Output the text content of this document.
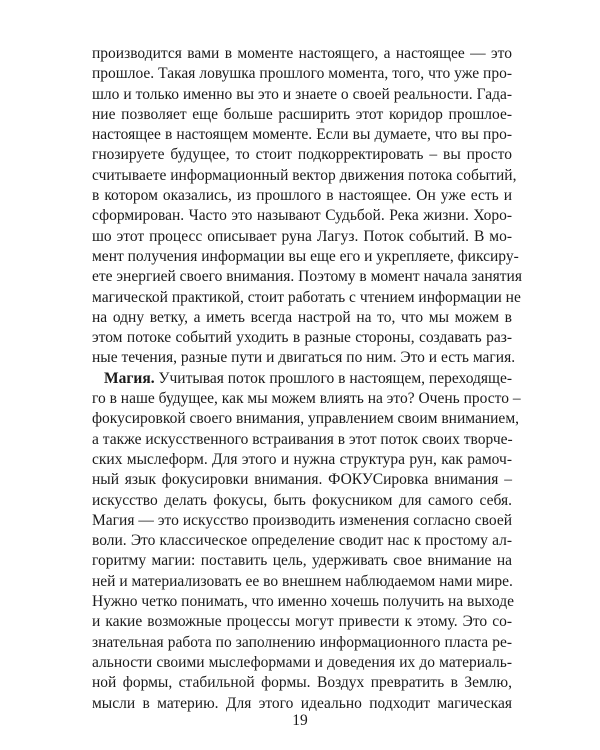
производится вами в моменте настоящего, а настоящее — это
прошлое. Такая ловушка прошлого момента, того, что уже про-
шло и только именно вы это и знаете о своей реальности. Гада-
ние позволяет еще больше расширить этот коридор прошлое-
настоящее в настоящем моменте. Если вы думаете, что вы про-
гнозируете будущее, то стоит подкорректировать – вы просто
считываете информационный вектор движения потока событий,
в котором оказались, из прошлого в настоящее. Он уже есть и
сформирован. Часто это называют Судьбой. Река жизни. Хоро-
шо этот процесс описывает руна Лагуз. Поток событий. В мо-
мент получения информации вы еще его и укрепляете, фиксиру-
ете энергией своего внимания. Поэтому в момент начала занятия
магической практикой, стоит работать с чтением информации не
на одну ветку, а иметь всегда настрой на то, что мы можем в
этом потоке событий уходить в разные стороны, создавать раз-
ные течения, разные пути и двигаться по ним. Это и есть магия.
Магия. Учитывая поток прошлого в настоящем, переходяще-
го в наше будущее, как мы можем влиять на это? Очень просто –
фокусировкой своего внимания, управлением своим вниманием,
а также искусственного встраивания в этот поток своих творче-
ских мыслеформ. Для этого и нужна структура рун, как рамоч-
ный язык фокусировки внимания. ФОКУСировка внимания –
искусство делать фокусы, быть фокусником для самого себя.
Магия — это искусство производить изменения согласно своей
воли. Это классическое определение сводит нас к простому ал-
горитму магии: поставить цель, удерживать свое внимание на
ней и материализовать ее во внешнем наблюдаемом нами мире.
Нужно четко понимать, что именно хочешь получить на выходе
и какие возможные процессы могут привести к этому. Это со-
знательная работа по заполнению информационного пласта ре-
альности своими мыслеформами и доведения их до материаль-
ной формы, стабильной формы. Воздух превратить в Землю,
мысли в материю. Для этого идеально подходит магическая
19
